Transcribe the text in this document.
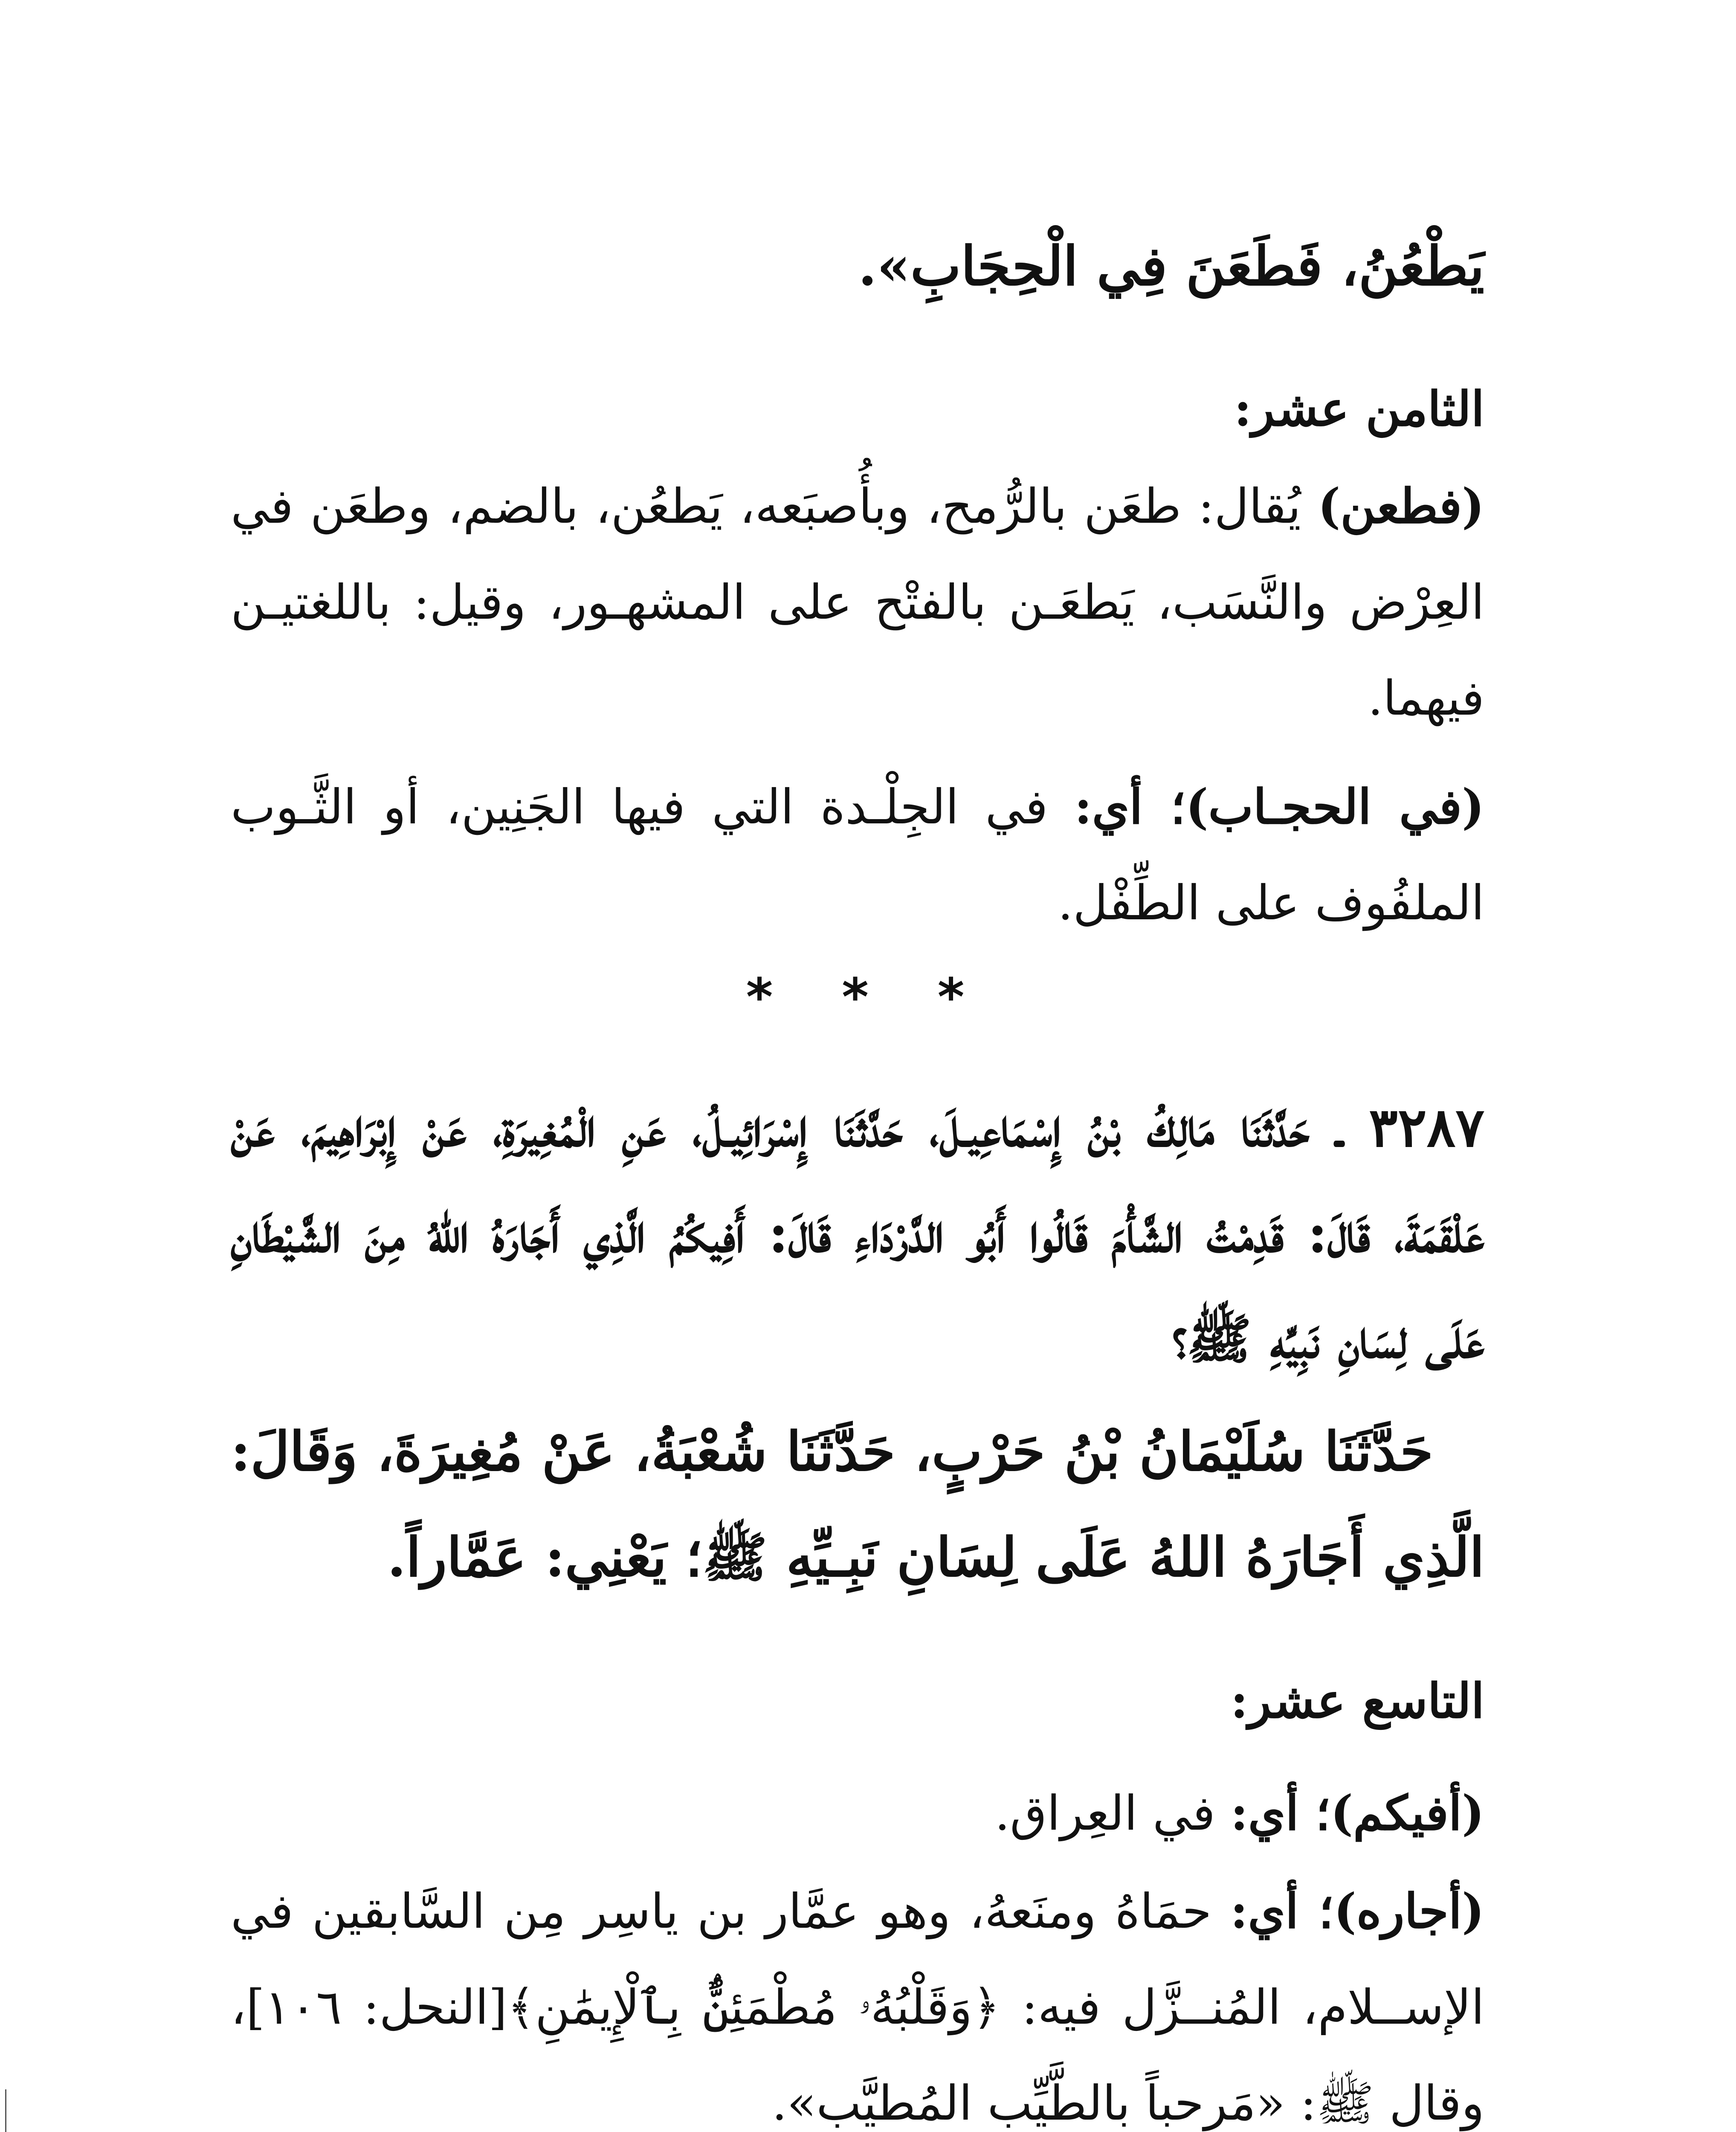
يَطْعُنُ، فَطَعَنَ فِي الْحِجَابِ».
الثامن عشر:
(فطعن) يُقال: طعَن بالرُّمح، وبأُصبَعه، يَطعُن، بالضم، وطعَن في العِرْض والنَّسَب، يَطعَـن بالفتْح على المشهـور، وقيل: باللغتيـن فيهما.
(في الحجـاب)؛ أي: في الجِلْـدة التي فيها الجَنِين، أو الثَّـوب الملفُوف على الطِّفْل.
* * *
٣٢٨٧ ـ حَدَّثَنَا مَالِكُ بْنُ إِسْمَاعِيـلَ، حَدَّثَنَا إِسْرَائِيـلُ، عَنِ الْمُغِيرَةِ، عَنْ إِبْرَاهِيمَ، عَنْ عَلْقَمَةَ، قَالَ: قَدِمْتُ الشَّأْمَ قَالُوا أَبُو الدَّرْدَاءِ قَالَ: أَفِيكُمُ الَّذِي أَجَارَهُ اللهُ مِنَ الشَّيْطَانِ عَلَى لِسَانِ نَبِيِّهِ ﷺ؟
حَدَّثَنَا سُلَيْمَانُ بْنُ حَرْبٍ، حَدَّثَنَا شُعْبَةُ، عَنْ مُغِيرَةَ، وَقَالَ: الَّذِي أَجَارَهُ اللهُ عَلَى لِسَانِ نَبِـيِّهِ ﷺ؛ يَعْنِي: عَمَّاراً.
التاسع عشر:
(أفيكم)؛ أي: في العِراق.
(أجاره)؛ أي: حمَاهُ ومنَعهُ، وهو عمَّار بن ياسِر مِن السَّابقين في الإســلام، المُنــزَّل فيه: ﴿وَقَلْبُهُۥ مُطْمَئِنٌّۢ بِٱلْإِيمَٰنِ﴾[النحل: ١٠٦]، وقال ﷺ: «مَرحباً بالطَّيِّب المُطيَّب».
